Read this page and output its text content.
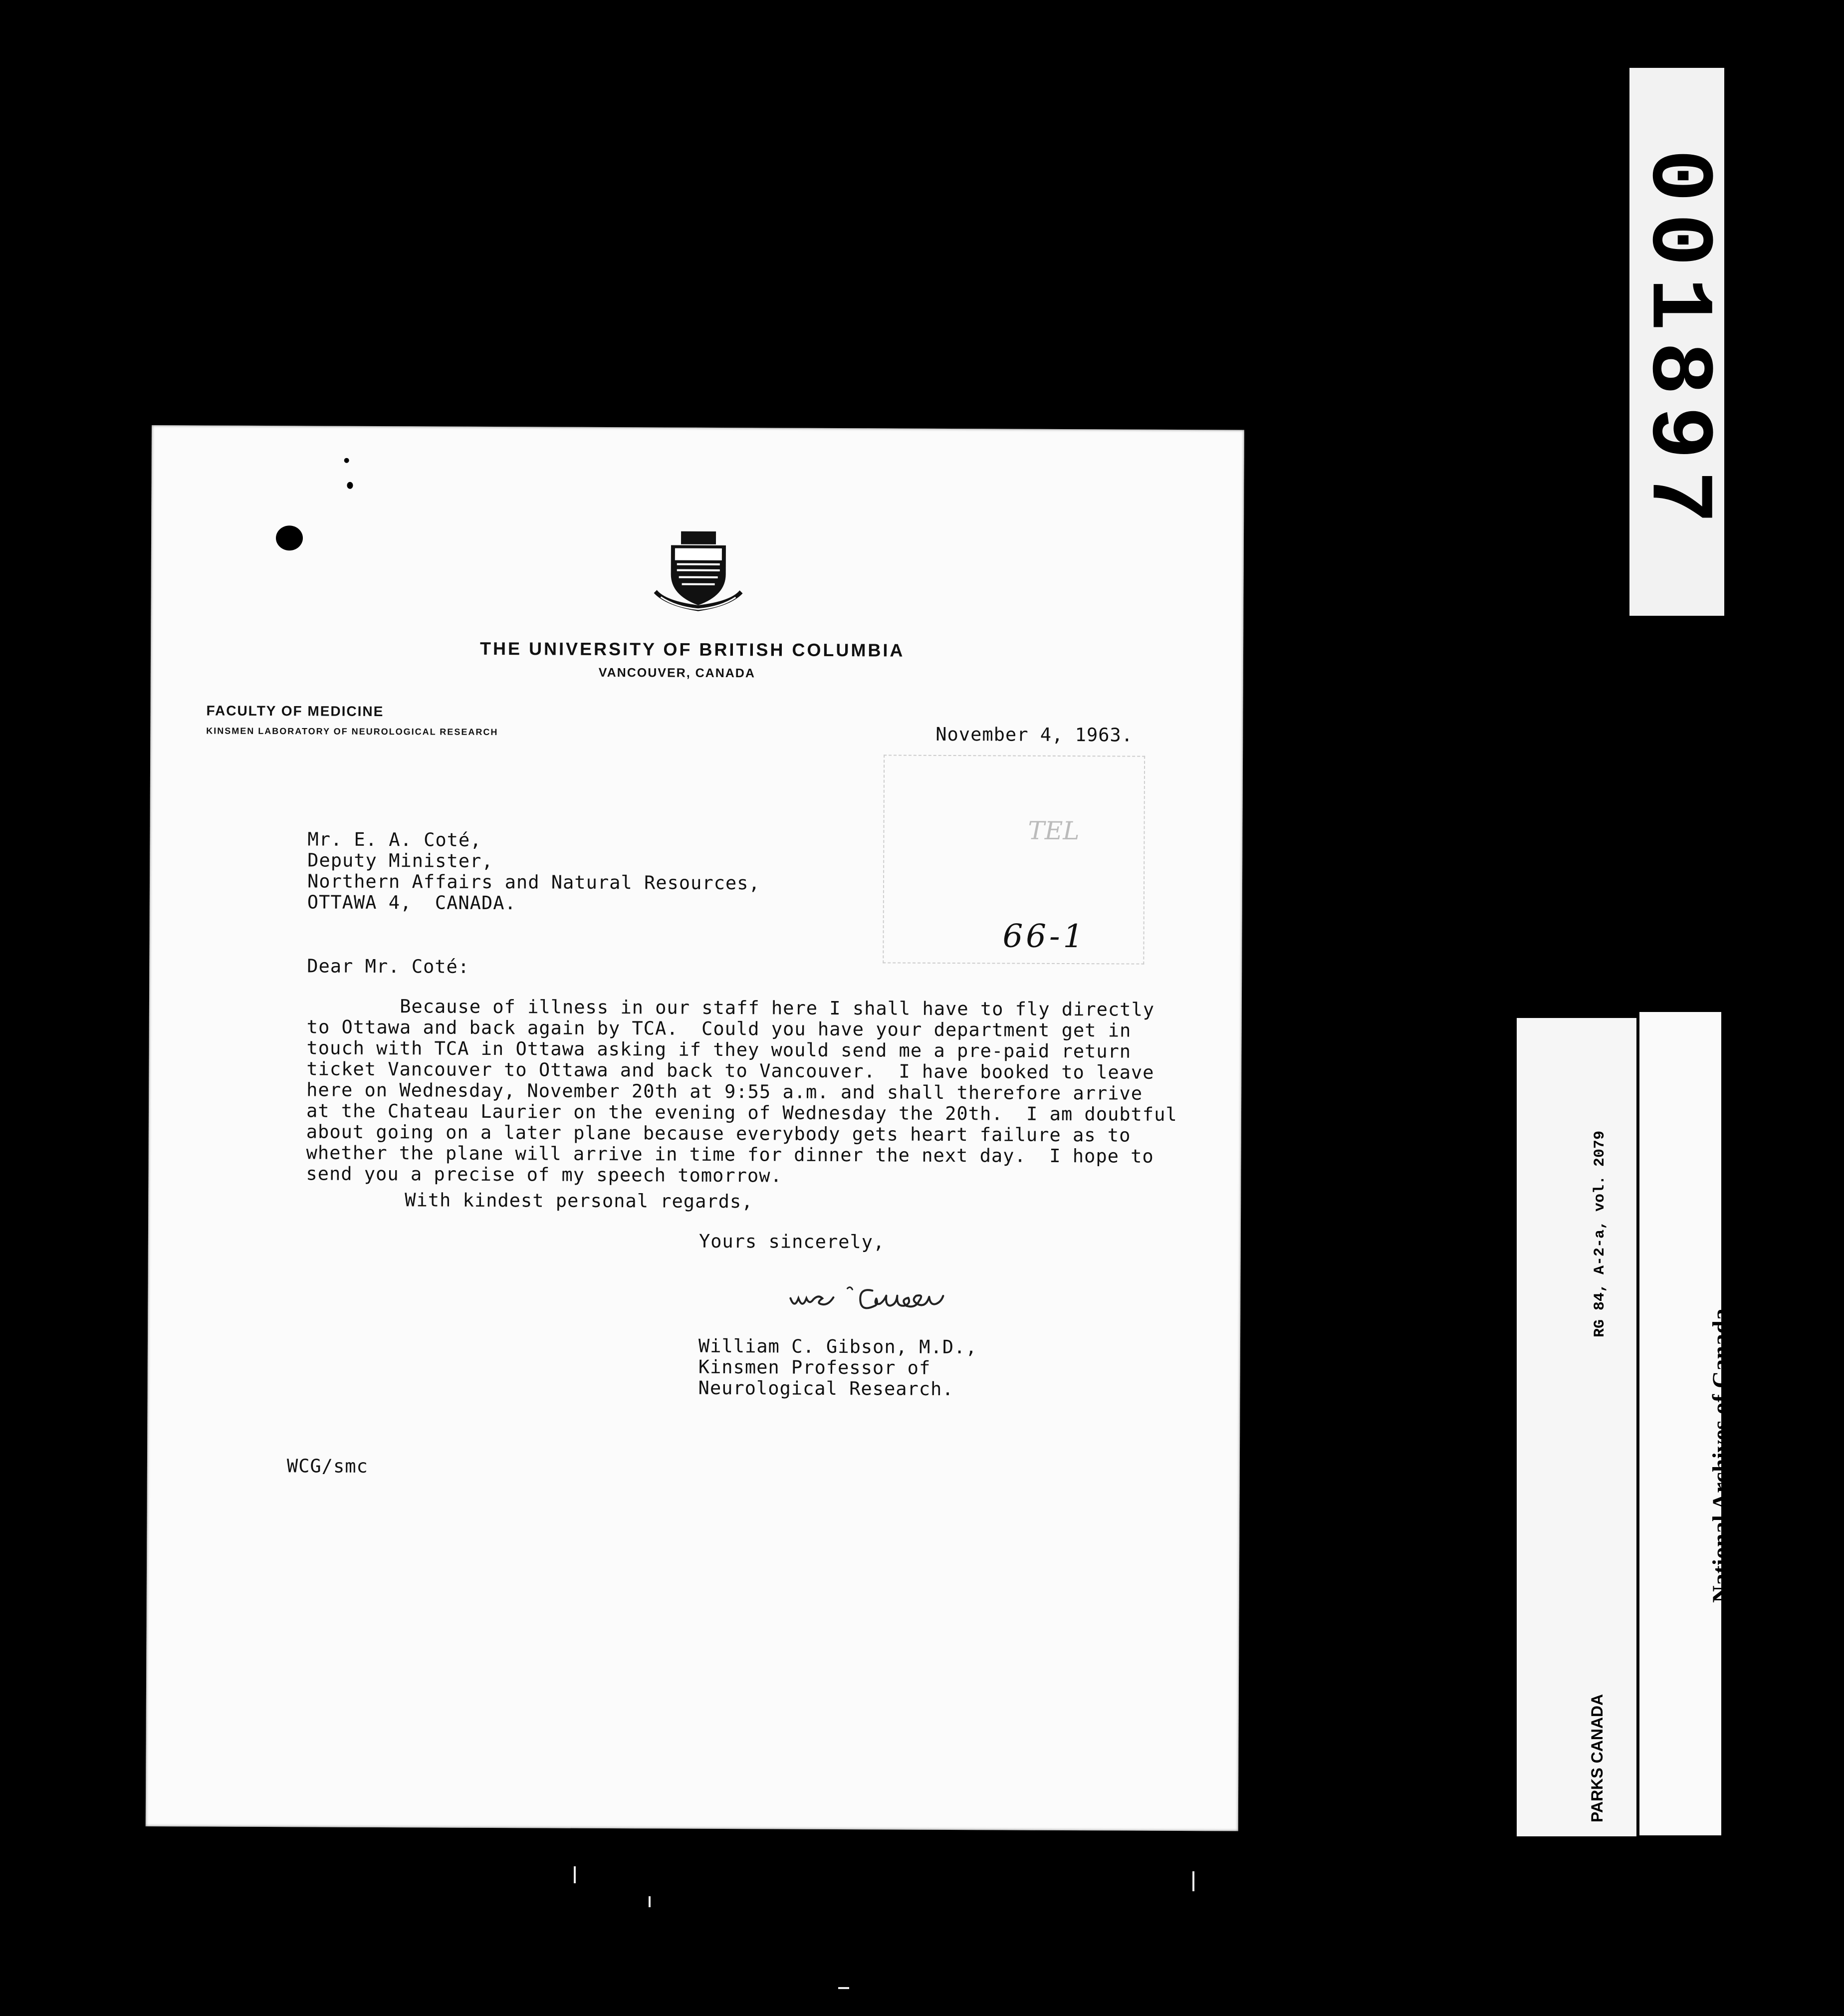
THE UNIVERSITY OF BRITISH COLUMBIA
VANCOUVER, CANADA
FACULTY OF MEDICINE
KINSMEN LABORATORY OF NEUROLOGICAL RESEARCH	November 4, 1963.
TEL
66-1
Mr. E. A. Coté,
Deputy Minister,
Northern Affairs and Natural Resources,
OTTAWA 4,  CANADA.
Dear Mr. Coté:
Because of illness in our staff here I shall have to fly directly
to Ottawa and back again by TCA.  Could you have your department get in
touch with TCA in Ottawa asking if they would send me a pre-paid return
ticket Vancouver to Ottawa and back to Vancouver.  I have booked to leave
here on Wednesday, November 20th at 9:55 a.m. and shall therefore arrive
at the Chateau Laurier on the evening of Wednesday the 20th.  I am doubtful
about going on a later plane because everybody gets heart failure as to
whether the plane will arrive in time for dinner the next day.  I hope to
send you a precise of my speech tomorrow.
With kindest personal regards,
Yours sincerely,
William C. Gibson, M.D.,
Kinsmen Professor of
Neurological Research.
WCG/smc
001897

RG 84, A-2-a, vol. 2079

PARKS CANADA

National Archives of Canada

Archives nationales du Canada
